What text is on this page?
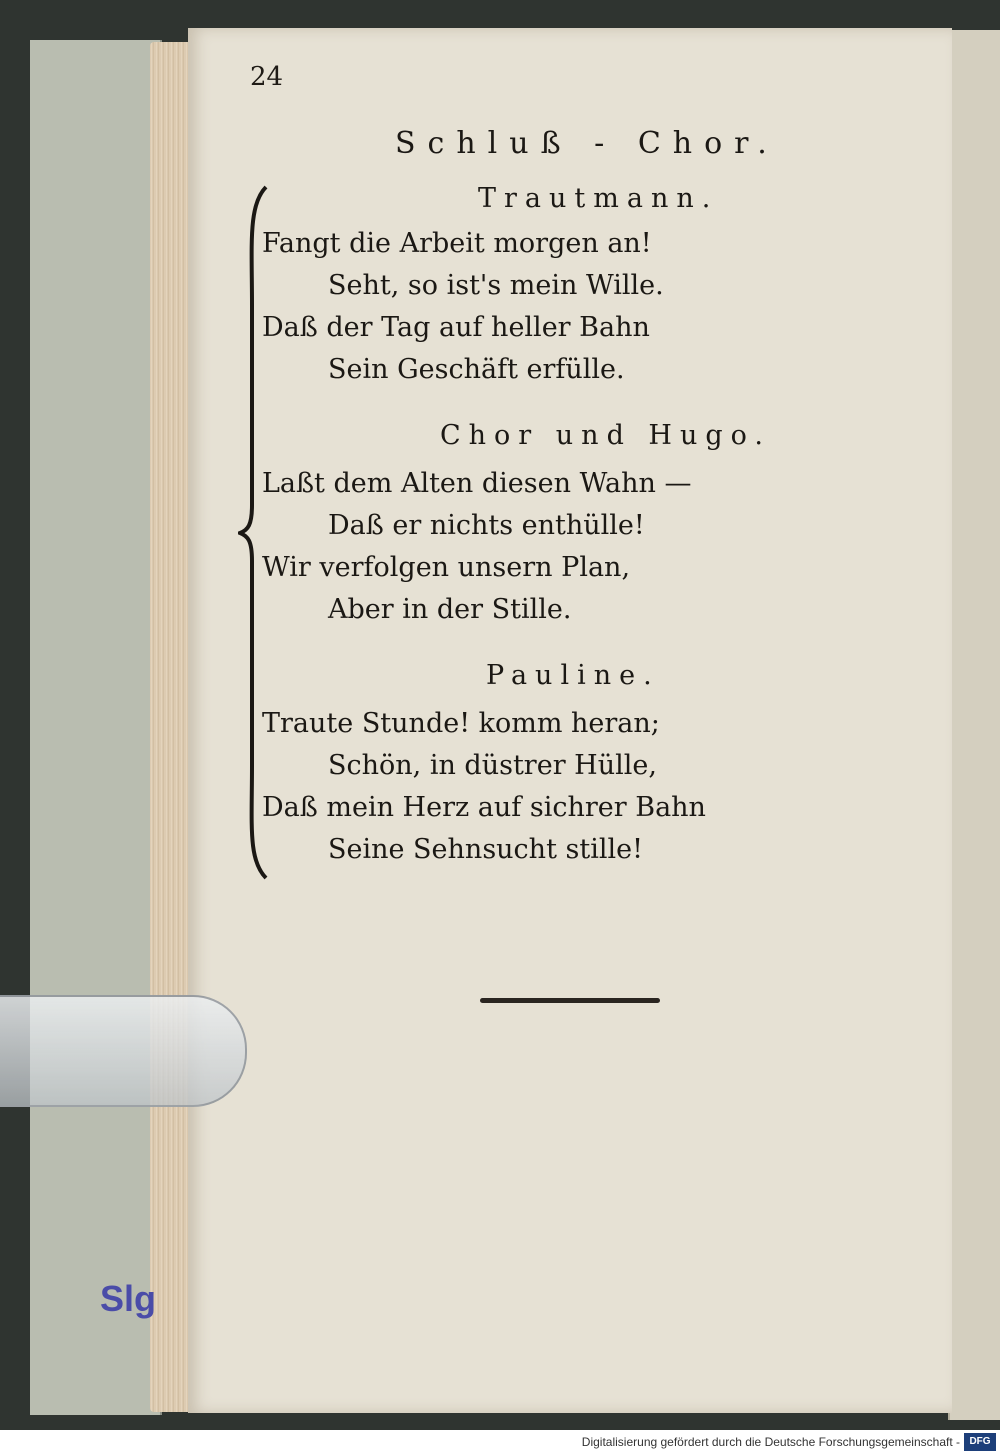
24
Schluß - Chor.
Trautmann.
Fangt die Arbeit morgen an!
Seht, so ist's mein Wille.
Daß der Tag auf heller Bahn
Sein Geschäft erfülle.
Chor und Hugo.
Laßt dem Alten diesen Wahn —
Daß er nichts enthülle!
Wir verfolgen unsern Plan,
Aber in der Stille.
Pauline.
Traute Stunde! komm heran;
Schön, in düstrer Hülle,
Daß mein Herz auf sichrer Bahn
Seine Sehnsucht stille!
Slg
Digitalisierung gefördert durch die Deutsche Forschungsgemeinschaft - DFG
